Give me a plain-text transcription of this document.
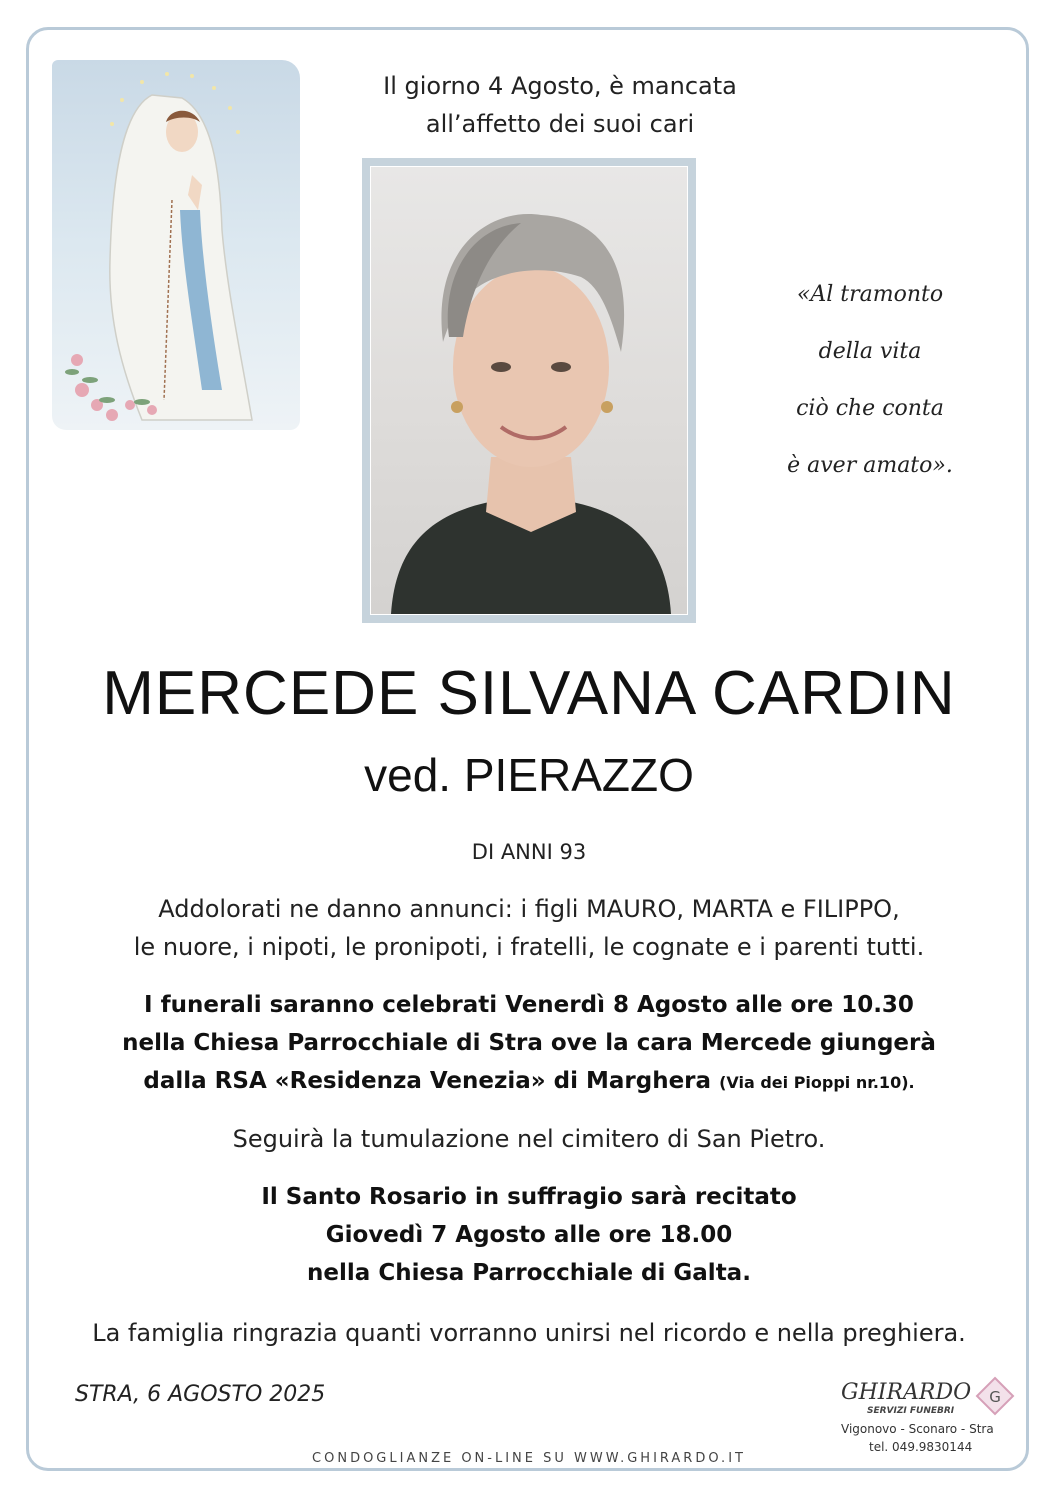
Il giorno 4 Agosto, è mancata
all’affetto dei suoi cari
«Al tramonto
della vita
ciò che conta
è aver amato».
MERCEDE SILVANA CARDIN
ved. PIERAZZO
DI ANNI 93
Addolorati ne danno annunci: i figli MAURO, MARTA e FILIPPO,
le nuore, i nipoti, le pronipoti, i fratelli, le cognate e i parenti tutti.
I funerali saranno celebrati Venerdì 8 Agosto alle ore 10.30
nella Chiesa Parrocchiale di Stra ove la cara Mercede giungerà
dalla RSA «Residenza Venezia» di Marghera (Via dei Pioppi nr.10).
Seguirà la tumulazione nel cimitero di San Pietro.
Il Santo Rosario in suffragio sarà recitato
Giovedì 7 Agosto alle ore 18.00
nella Chiesa Parrocchiale di Galta.
La famiglia ringrazia quanti vorranno unirsi nel ricordo e nella preghiera.
STRA, 6 AGOSTO 2025	GHIRARDO
SERVIZI FUNEBRI
G
Vigonovo - Sconaro - Stra
tel. 049.9830144
CONDOGLIANZE ON-LINE SU WWW.GHIRARDO.IT
